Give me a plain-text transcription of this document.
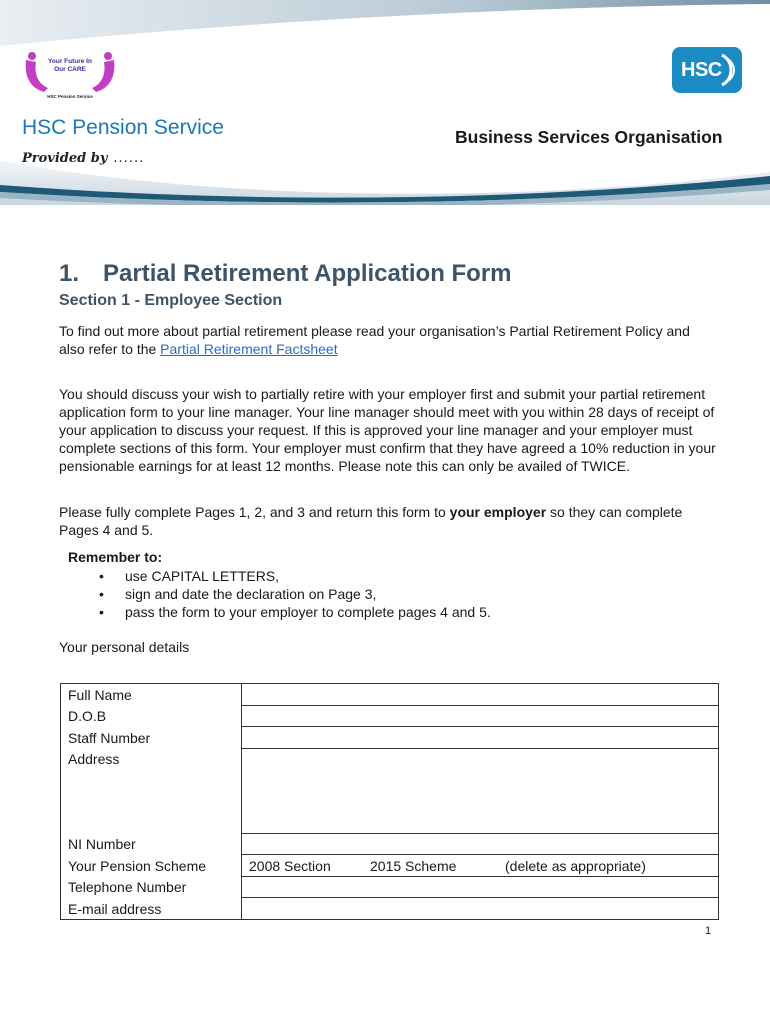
Your Future In
Our CARE
HSC Pension Service
HSC Pension Service
Provided by ......
HSC
Business Services Organisation
1. Partial Retirement Application Form
Section 1 - Employee Section
To find out more about partial retirement please read your organisation’s Partial Retirement Policy and also refer to the Partial Retirement Factsheet
You should discuss your wish to partially retire with your employer first and submit your partial retirement application form to your line manager. Your line manager should meet with you within 28 days of receipt of your application to discuss your request. If this is approved your line manager and your employer must complete sections of this form. Your employer must confirm that they have agreed a 10% reduction in your pensionable earnings for at least 12 months. Please note this can only be availed of TWICE.
Please fully complete Pages 1, 2, and 3 and return this form to your employer so they can complete Pages 4 and 5.
Remember to:
• use CAPITAL LETTERS,
• sign and date the declaration on Page 3,
• pass the form to your employer to complete pages 4 and 5.
Your personal details
Full Name	
D.O.B	
Staff Number	
Address	
NI Number	
Your Pension Scheme	2008 Section 2015 Scheme (delete as appropriate)
Telephone Number	
E-mail address	
1
